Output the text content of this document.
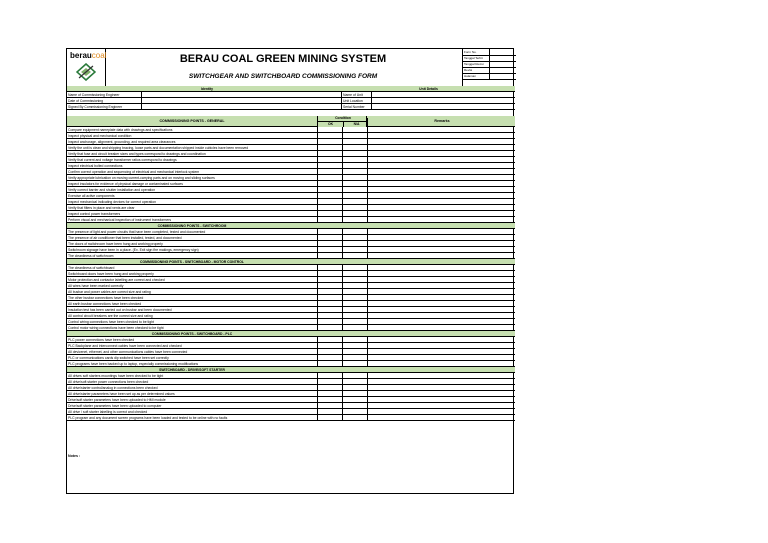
beraucoal	BERAU COAL GREEN MINING SYSTEM
SWITCHGEAR AND SWITCHBOARD COMMISSIONING FORM
Form No.
Tanggal Terbit
Tanggal Revisi
Revisi
Halaman
Identity	Unit Details
Name of Commissioning Engineer	Name of Unit
Date of Commissioning	Unit Location
Signed By Commissioning Engineer	Serial Number
COMMISSIONING POINTS - GENERAL	Remarks
Condition
OK	N/A
Compare equipment nameplate data with drawings and specifications
Inspect physical and mechanical condition
Inspect anchorage, alignment, grounding, and required area clearances
Verify the unit is clean and shipping bracing, loose parts and documentation shipped inside cubicles have been removed
Verify that fuse and circuit breaker sizes and types correspond to drawings and coordination
Verify that current and voltage transformer ratios correspond to drawings
Inspect electrical bolted connections
Confirm correct operation and sequencing of electrical and mechanical interlock system
Verify appropriate lubrication on moving current-carrying parts and on moving and sliding surfaces
Inspect insulators for evidence of physical damage or contaminated surfaces
Verify correct barrier and shutter installation and operation
Exercise all active components
Inspect mechanical indicating devices for correct operation
Verify that filters in place and vents are clear
Inspect control power transformers
Perform visual and mechanical inspection of instrument transformers
COMMISSIONING POINTS - SWITCHROOM
The presence of light and power circuits that have been completed, tested and documented
The presence of air conditioner that been installed, tested, and documented
The doors of switchroom have been hung and working properly
Switchroom signage have been in a place. (Ex. Exit sign fire makings, emergency sign)
The cleanliness of switchroom
COMMISSIONING POINTS - SWITCHBOARD - MOTOR CONTROL
The cleanliness of switchboard
Switchboard doors have been hung and working properly
Motor protection and contactor labelling are correct and checked
All wires have been marked correctly
All busbar and power cables are correct size and rating
The other busbar connections have been checked
All earth busbar connections have been checked
Insulation test has been carried out on busbar and been documented
All control circuit breakers are the correct size and rating
Control wiring connections have been checked to be tight
Control motor wiring connections have been checked to be tight
COMMISSIONING POINTS - SWITCHBOARD - PLC
PLC power connections have been checked
PLC Backplane and interconnect cables have been connected and checked
All devicenet, ethernet, and other communications cables have been connected
PLC or communications cards dip switched have been set correctly
PLC programs have been backed up to laptop, especially commissioning modifications
SWITCHBOARD - DRIVE/SOFT STARTER
All drives soft starters mountings have been checked to be tight
All drive/soft starter power connections been checked
All drive/starter control/analog in connections been checked
All drive/starter parameters have been set up as per determined values
Drive/soft starter parameters have been uploaded to HMI module
Drive/soft starter parameters have been uploaded to computer
All drive / soft starter labelling is correct and checked
PLC program and any document screen programs have been loaded and tested to be online with no faults
Notes :
